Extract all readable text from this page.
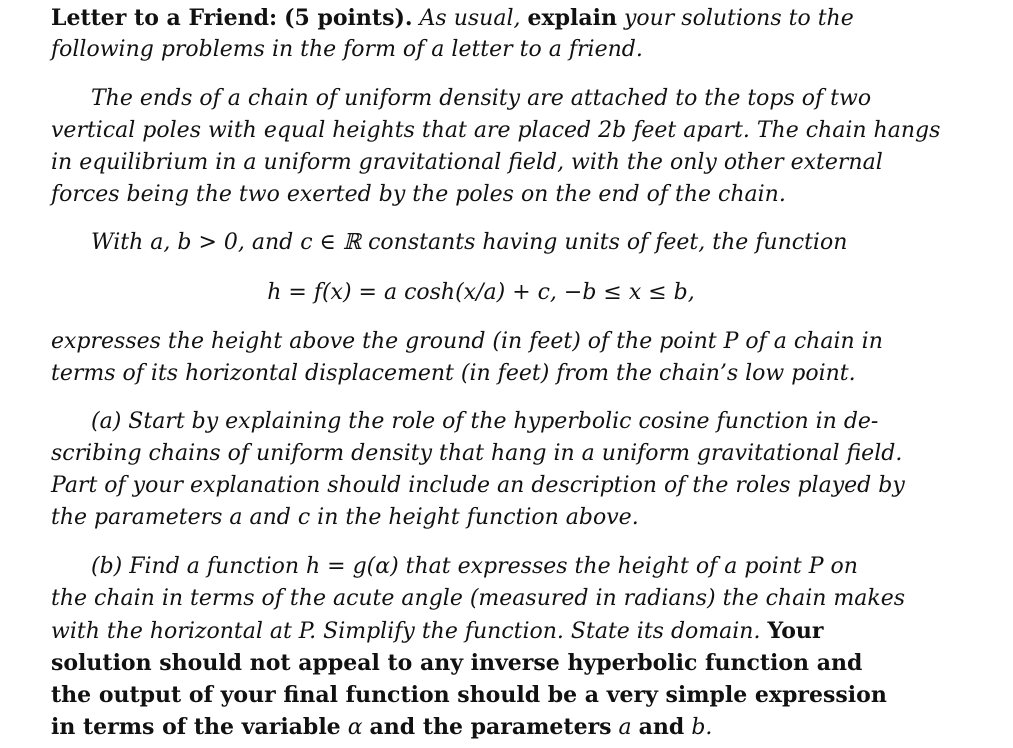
Letter to a Friend: (5 points). As usual, explain your solutions to the
following problems in the form of a letter to a friend.
The ends of a chain of uniform density are attached to the tops of two
vertical poles with equal heights that are placed 2b feet apart. The chain hangs
in equilibrium in a uniform gravitational field, with the only other external
forces being the two exerted by the poles on the end of the chain.
With a, b > 0, and c ∈ ℝ constants having units of feet, the function
h = f(x) = a cosh(x/a) + c, −b ≤ x ≤ b,
expresses the height above the ground (in feet) of the point P of a chain in
terms of its horizontal displacement (in feet) from the chain’s low point.
(a) Start by explaining the role of the hyperbolic cosine function in de-
scribing chains of uniform density that hang in a uniform gravitational field.
Part of your explanation should include an description of the roles played by
the parameters a and c in the height function above.
(b) Find a function h = g(α) that expresses the height of a point P on
the chain in terms of the acute angle (measured in radians) the chain makes
with the horizontal at P. Simplify the function. State its domain. Your
solution should not appeal to any inverse hyperbolic function and
the output of your final function should be a very simple expression
in terms of the variable α and the parameters a and b.
